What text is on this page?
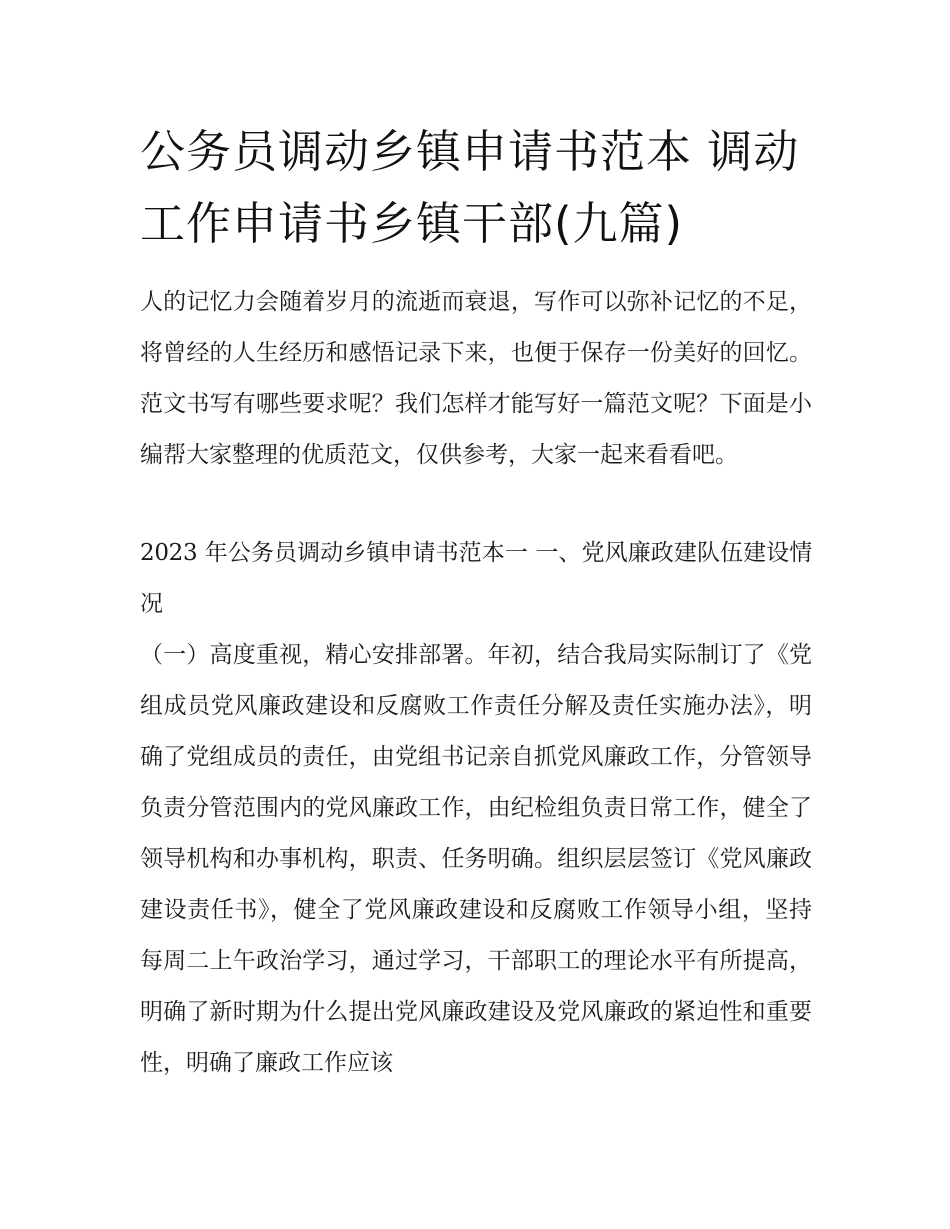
公务员调动乡镇申请书范本 调动工作申请书乡镇干部(九篇)

人的记忆力会随着岁月的流逝而衰退，写作可以弥补记忆的不足，将曾经的人生经历和感悟记录下来，也便于保存一份美好的回忆。范文书写有哪些要求呢？我们怎样才能写好一篇范文呢？下面是小编帮大家整理的优质范文，仅供参考，大家一起来看看吧。

2023 年公务员调动乡镇申请书范本一 一、党风廉政建队伍建设情况

（一）高度重视，精心安排部署。年初，结合我局实际制订了《党组成员党风廉政建设和反腐败工作责任分解及责任实施办法》，明确了党组成员的责任，由党组书记亲自抓党风廉政工作，分管领导负责分管范围内的党风廉政工作，由纪检组负责日常工作，健全了领导机构和办事机构，职责、任务明确。组织层层签订《党风廉政建设责任书》，健全了党风廉政建设和反腐败工作领导小组，坚持每周二上午政治学习，通过学习，干部职工的理论水平有所提高，明确了新时期为什么提出党风廉政建设及党风廉政的紧迫性和重要性，明确了廉政工作应该
